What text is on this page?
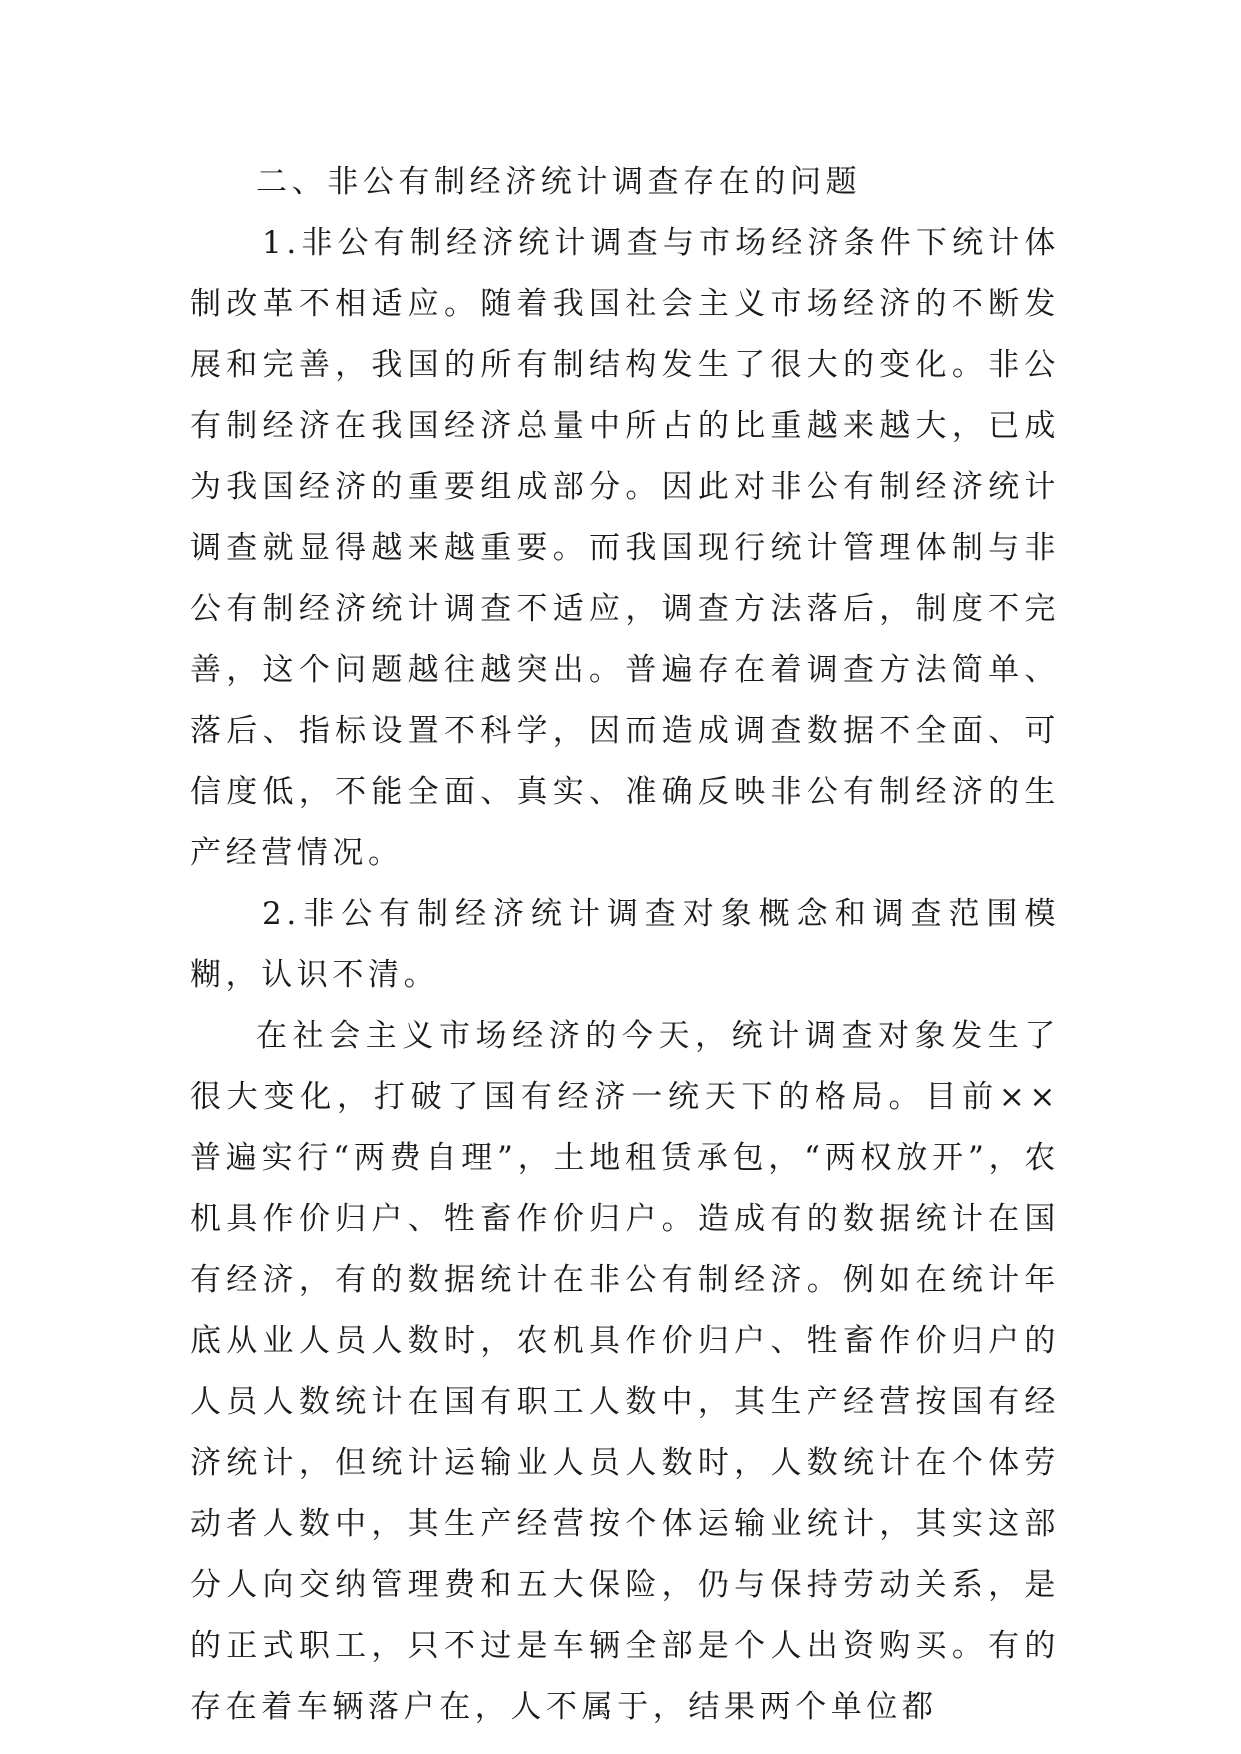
二、非公有制经济统计调查存在的问题

1.非公有制经济统计调查与市场经济条件下统计体制改革不相适应。随着我国社会主义市场经济的不断发展和完善，我国的所有制结构发生了很大的变化。非公有制经济在我国经济总量中所占的比重越来越大，已成为我国经济的重要组成部分。因此对非公有制经济统计调查就显得越来越重要。而我国现行统计管理体制与非公有制经济统计调查不适应，调查方法落后，制度不完善，这个问题越往越突出。普遍存在着调查方法简单、落后、指标设置不科学，因而造成调查数据不全面、可信度低，不能全面、真实、准确反映非公有制经济的生产经营情况。

2.非公有制经济统计调查对象概念和调查范围模糊，认识不清。

在社会主义市场经济的今天，统计调查对象发生了很大变化，打破了国有经济一统天下的格局。目前××普遍实行“两费自理”，土地租赁承包，“两权放开”，农机具作价归户、牲畜作价归户。造成有的数据统计在国有经济，有的数据统计在非公有制经济。例如在统计年底从业人员人数时，农机具作价归户、牲畜作价归户的人员人数统计在国有职工人数中，其生产经营按国有经济统计，但统计运输业人员人数时，人数统计在个体劳动者人数中，其生产经营按个体运输业统计，其实这部分人向交纳管理费和五大保险，仍与保持劳动关系，是的正式职工，只不过是车辆全部是个人出资购买。有的存在着车辆落户在，人不属于，结果两个单位都
